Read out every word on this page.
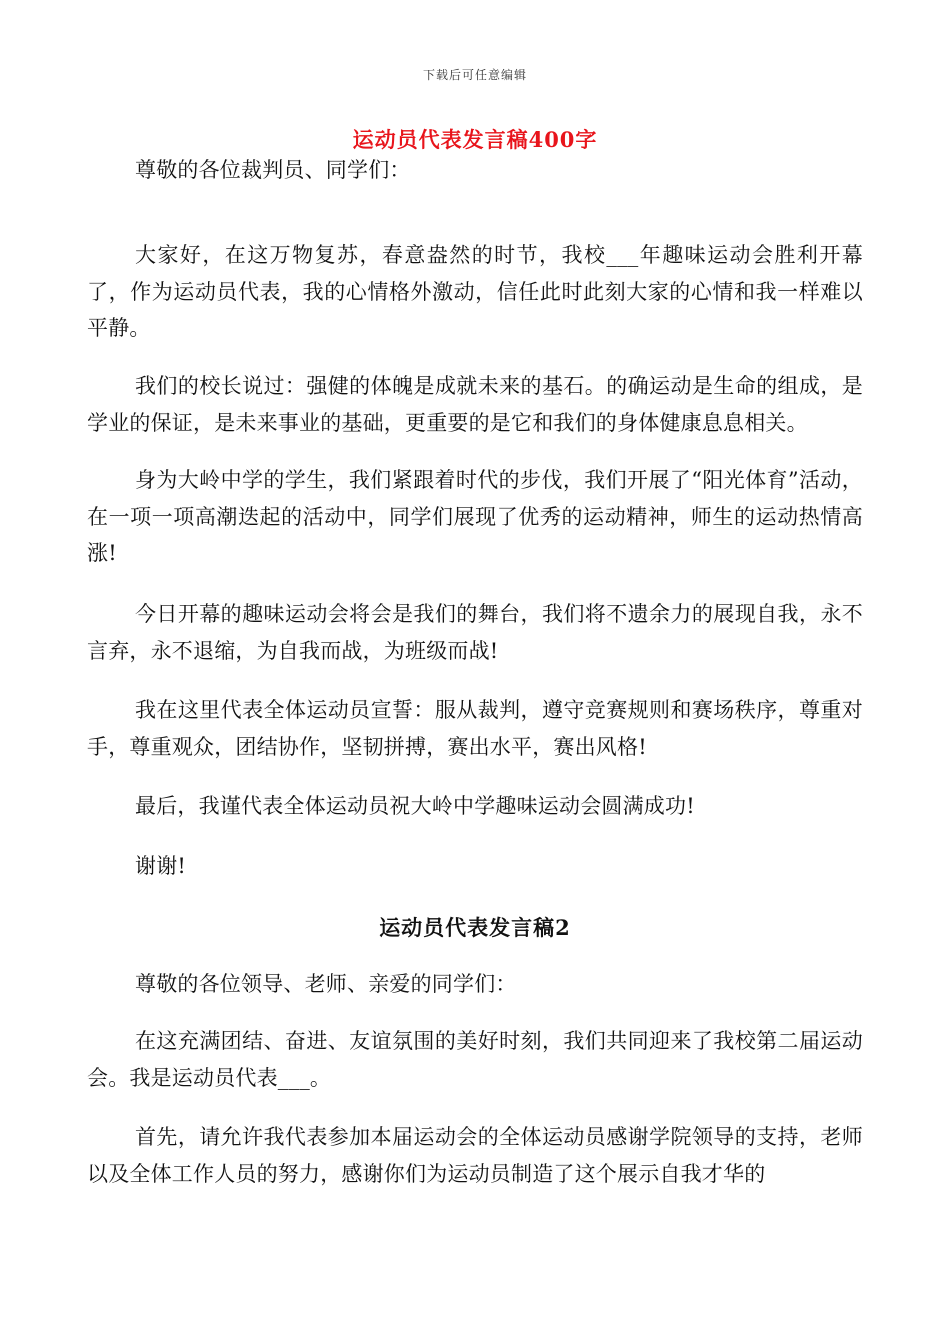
下载后可任意编辑
运动员代表发言稿400字

尊敬的各位裁判员、同学们：

大家好，在这万物复苏，春意盎然的时节，我校___年趣味运动会胜利开幕了，作为运动员代表，我的心情格外激动，信任此时此刻大家的心情和我一样难以平静。

我们的校长说过：强健的体魄是成就未来的基石。的确运动是生命的组成，是学业的保证，是未来事业的基础，更重要的是它和我们的身体健康息息相关。

身为大岭中学的学生，我们紧跟着时代的步伐，我们开展了“阳光体育”活动，在一项一项高潮迭起的活动中，同学们展现了优秀的运动精神，师生的运动热情高涨!

今日开幕的趣味运动会将会是我们的舞台，我们将不遗余力的展现自我，永不言弃，永不退缩，为自我而战，为班级而战!

我在这里代表全体运动员宣誓：服从裁判，遵守竞赛规则和赛场秩序，尊重对手，尊重观众，团结协作，坚韧拼搏，赛出水平，赛出风格!

最后，我谨代表全体运动员祝大岭中学趣味运动会圆满成功!

谢谢!

运动员代表发言稿2

尊敬的各位领导、老师、亲爱的同学们：

在这充满团结、奋进、友谊氛围的美好时刻，我们共同迎来了我校第二届运动会。我是运动员代表___。

首先，请允许我代表参加本届运动会的全体运动员感谢学院领导的支持，老师以及全体工作人员的努力，感谢你们为运动员制造了这个展示自我才华的
